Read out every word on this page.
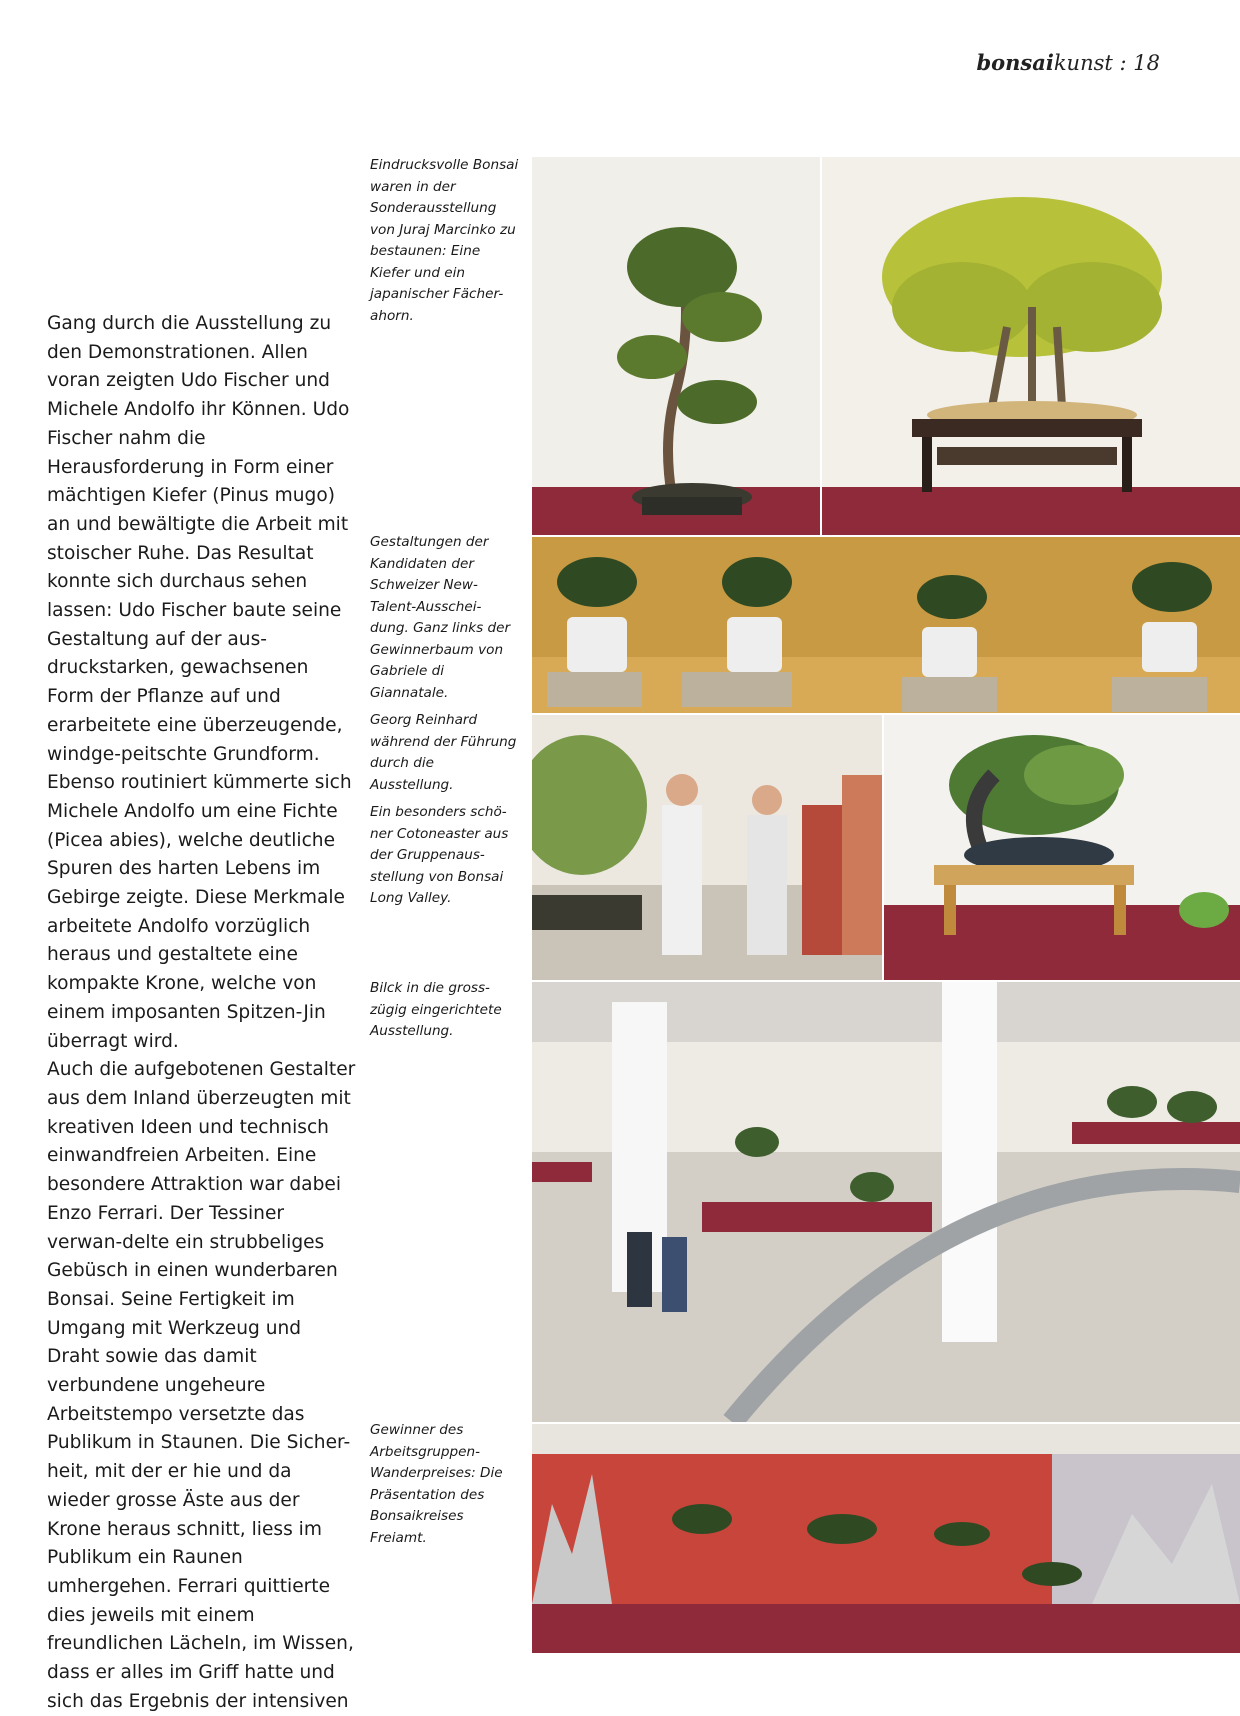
bonsaikunst : 18

Gang durch die Ausstellung zu den Demonstrationen. Allen voran zeigten Udo Fischer und Michele Andolfo ihr Können. Udo Fischer nahm die Herausforderung in Form einer mächtigen Kiefer (Pinus mugo) an und bewältigte die Arbeit mit stoischer Ruhe. Das Resultat konnte sich durchaus sehen lassen: Udo Fischer baute seine Gestaltung auf der aus-druckstarken, gewachsenen Form der Pflanze auf und erarbeitete eine überzeugende, windge-peitschte Grundform. Ebenso routiniert kümmerte sich Michele Andolfo um eine Fichte (Picea abies), welche deutliche Spuren des harten Lebens im Gebirge zeigte. Diese Merkmale arbeitete Andolfo vorzüglich heraus und gestaltete eine kompakte Krone, welche von einem imposanten Spitzen-Jin überragt wird.

Auch die aufgebotenen Gestalter aus dem Inland überzeugten mit kreativen Ideen und technisch einwandfreien Arbeiten. Eine besondere Attraktion war dabei Enzo Ferrari. Der Tessiner verwan-delte ein strubbeliges Gebüsch in einen wunderbaren Bonsai. Seine Fertigkeit im Umgang mit Werkzeug und Draht sowie das damit verbundene ungeheure Arbeitstempo versetzte das Publikum in Staunen. Die Sicher-heit, mit der er hie und da wieder grosse Äste aus der Krone heraus schnitt, liess im Publikum ein Raunen umhergehen. Ferrari quittierte dies jeweils mit einem freundlichen Lächeln, im Wissen, dass er alles im Griff hatte und sich das Ergebnis der intensiven

Eindrucksvolle Bonsai waren in der Sonderausstellung von Juraj Marcinko zu bestaunen: Eine Kiefer und ein japanischer Fächer-ahorn.
Gestaltungen der Kandidaten der Schweizer New-Talent-Ausschei-dung. Ganz links der Gewinnerbaum von Gabriele di Giannatale.
Georg Reinhard während der Führung durch die Ausstellung.
Ein besonders schö-ner Cotoneaster aus der Gruppenaus-stellung von Bonsai Long Valley.
Bilck in die gross-zügig eingerichtete Ausstellung.
Gewinner des Arbeitsgruppen-Wanderpreises: Die Präsentation des Bonsaikreises Freiamt.
